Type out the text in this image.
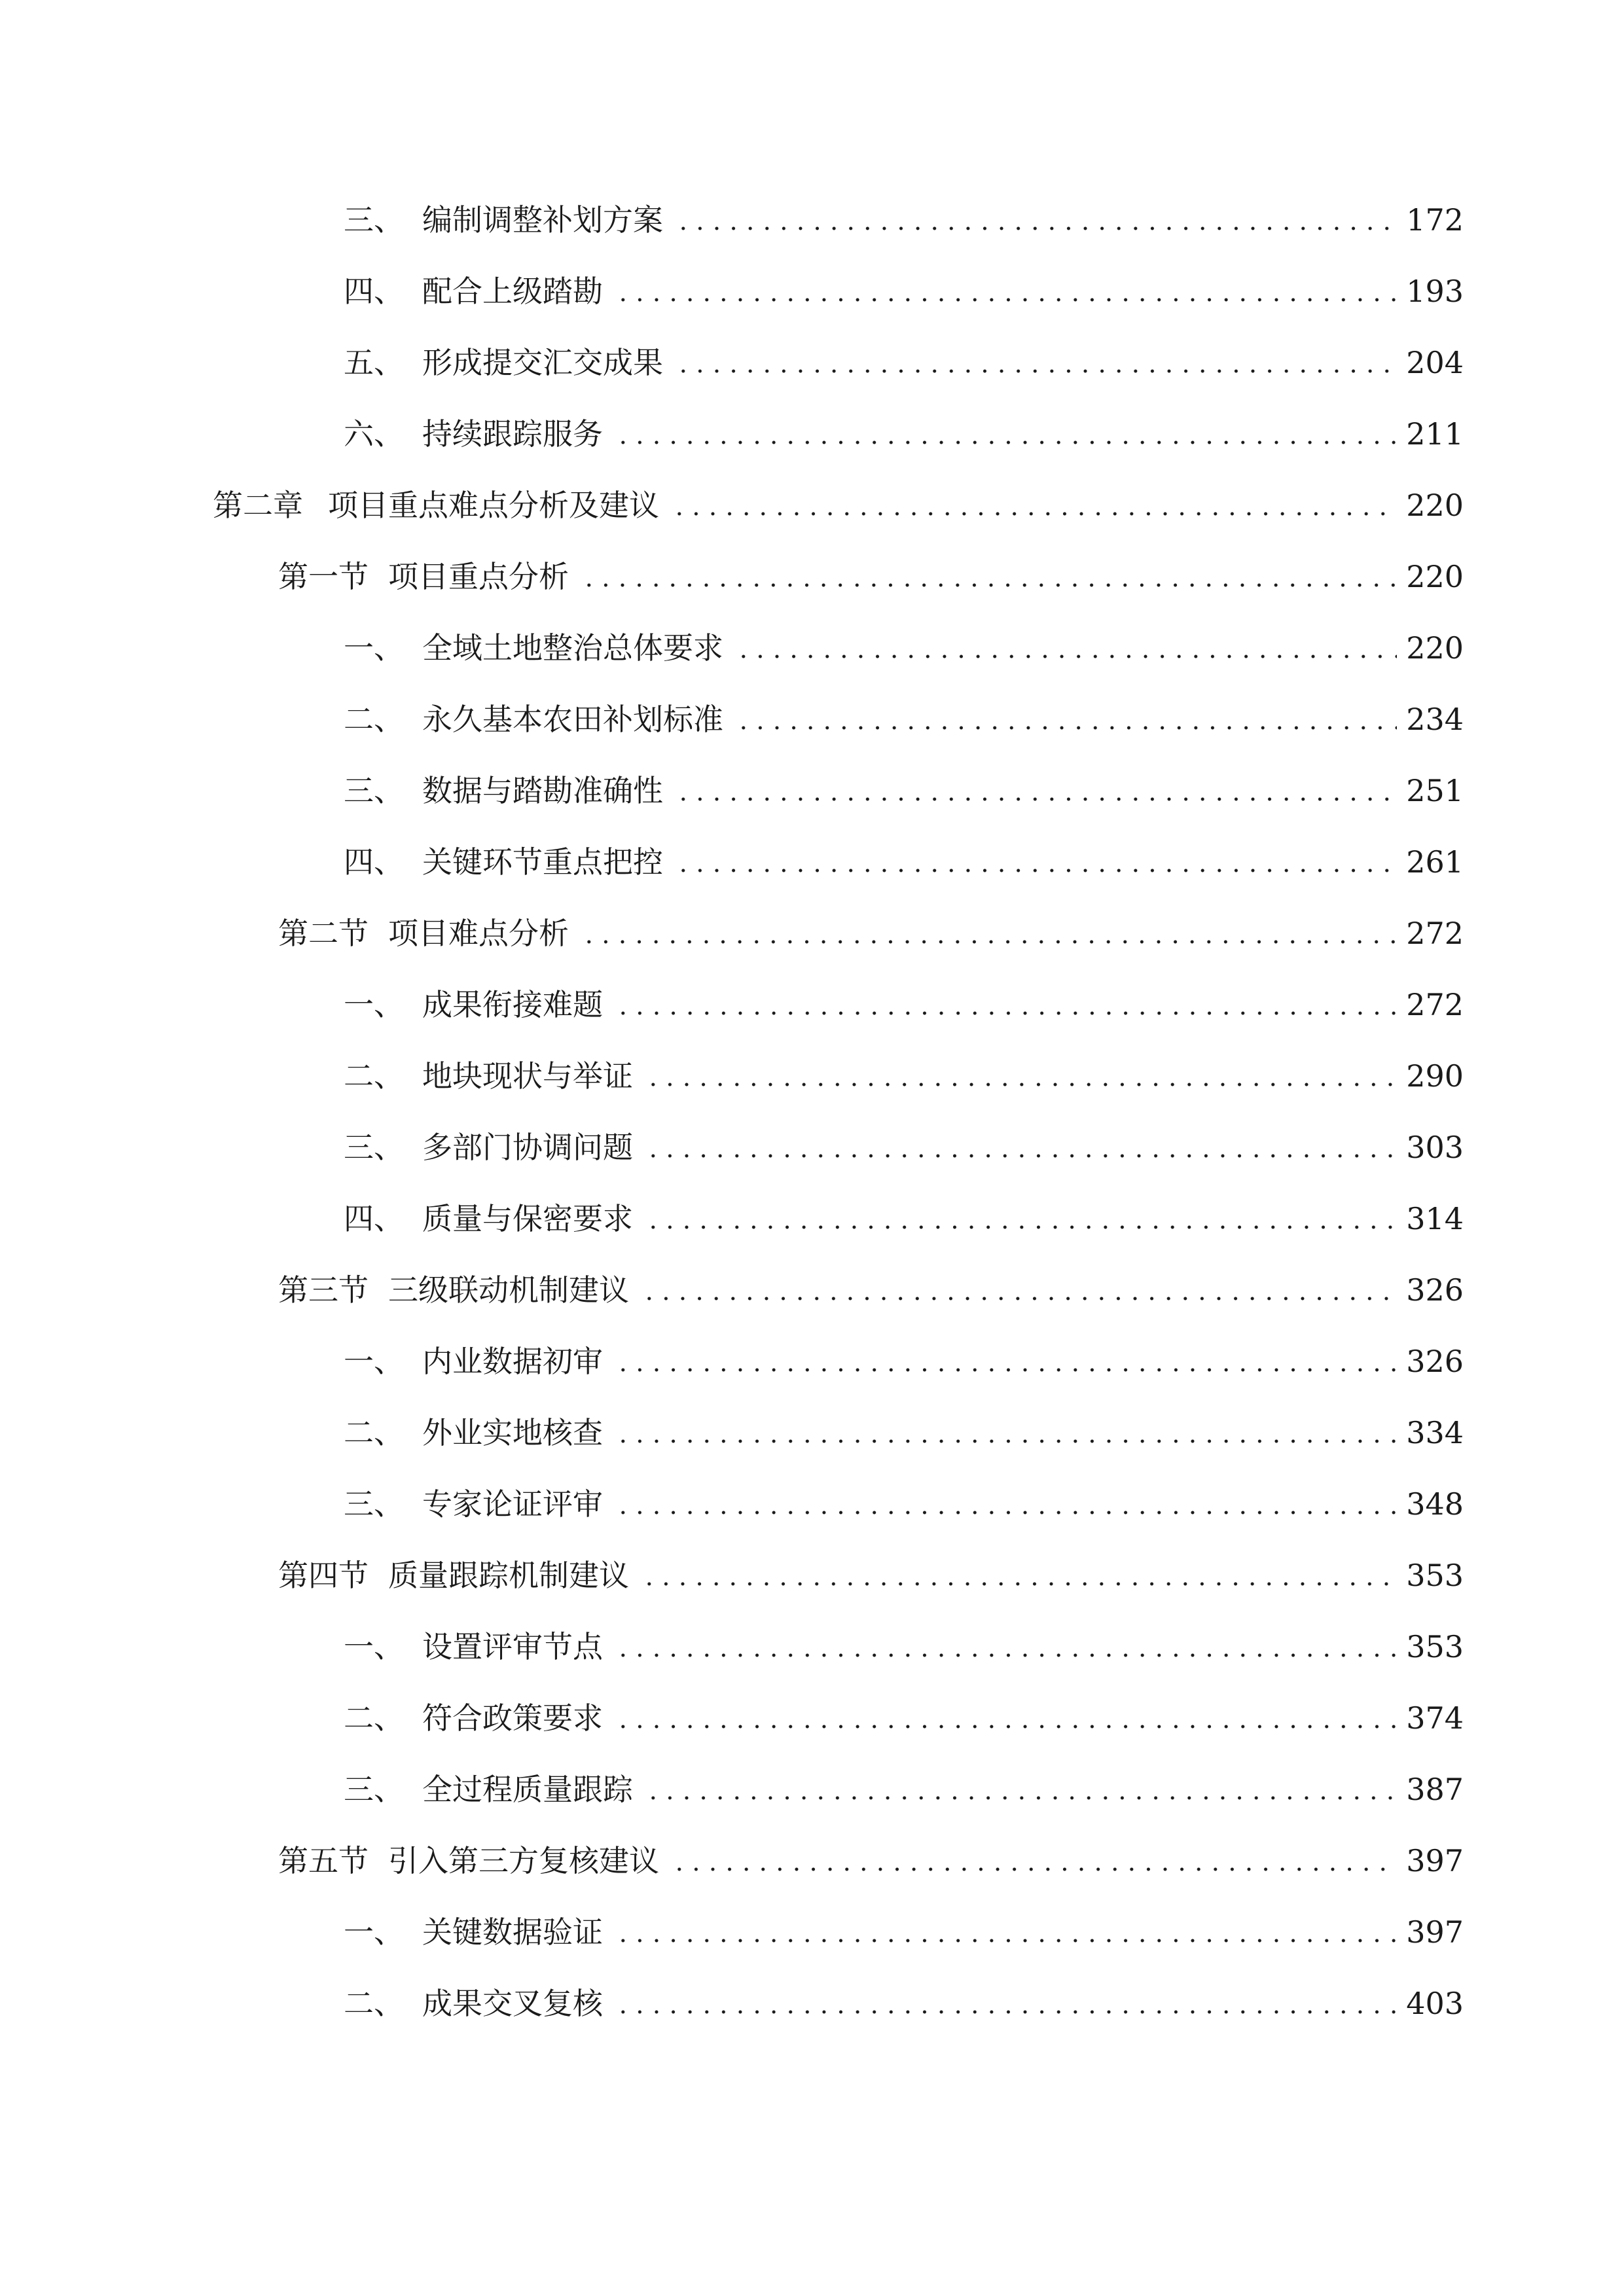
三、 编制调整补划方案	172
四、 配合上级踏勘	193
五、 形成提交汇交成果	204
六、 持续跟踪服务	211
第二章 项目重点难点分析及建议	220
第一节 项目重点分析	220
一、 全域土地整治总体要求	220
二、 永久基本农田补划标准	234
三、 数据与踏勘准确性	251
四、 关键环节重点把控	261
第二节 项目难点分析	272
一、 成果衔接难题	272
二、 地块现状与举证	290
三、 多部门协调问题	303
四、 质量与保密要求	314
第三节 三级联动机制建议	326
一、 内业数据初审	326
二、 外业实地核查	334
三、 专家论证评审	348
第四节 质量跟踪机制建议	353
一、 设置评审节点	353
二、 符合政策要求	374
三、 全过程质量跟踪	387
第五节 引入第三方复核建议	397
一、 关键数据验证	397
二、 成果交叉复核	403
